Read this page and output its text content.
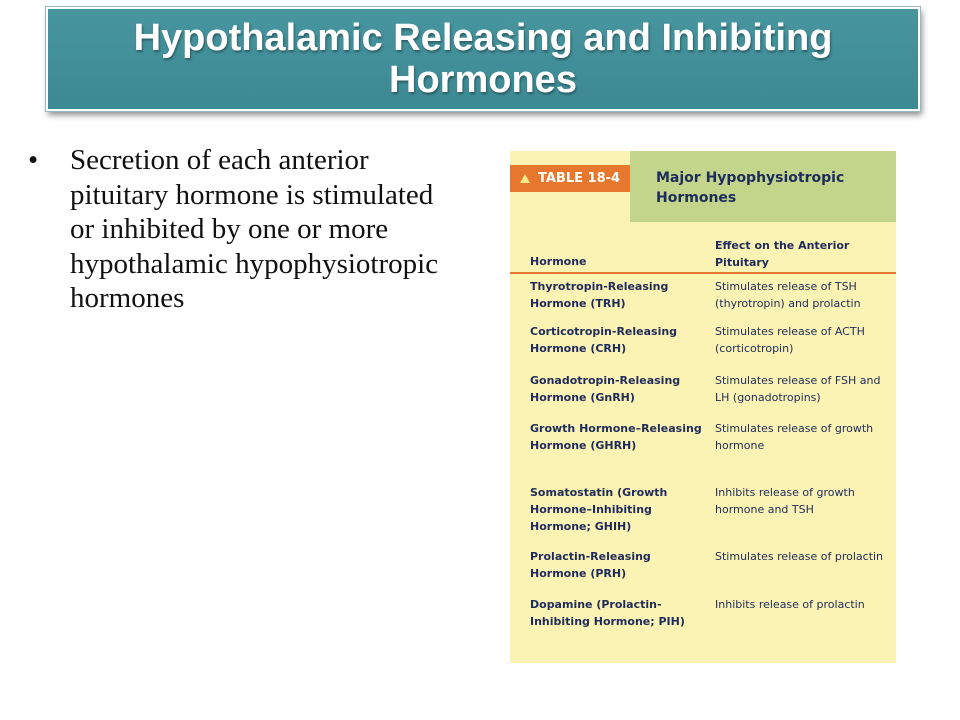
Hypothalamic Releasing and Inhibiting Hormones
•	Secretion of each anterior pituitary hormone is stimulated or inhibited by one or more hypothalamic hypophysiotropic hormones
TABLE 18-4	Major Hypophysiotropic Hormones
Hormone
Effect on the Anterior Pituitary
Thyrotropin-Releasing Hormone (TRH)
Stimulates release of TSH (thyrotropin) and prolactin
Corticotropin-Releasing Hormone (CRH)
Stimulates release of ACTH (corticotropin)
Gonadotropin-Releasing Hormone (GnRH)
Stimulates release of FSH and LH (gonadotropins)
Growth Hormone–Releasing Hormone (GHRH)
Stimulates release of growth hormone
Somatostatin (Growth Hormone–Inhibiting Hormone; GHIH)
Inhibits release of growth hormone and TSH
Prolactin-Releasing Hormone (PRH)
Stimulates release of prolactin
Dopamine (Prolactin-Inhibiting Hormone; PIH)
Inhibits release of prolactin
